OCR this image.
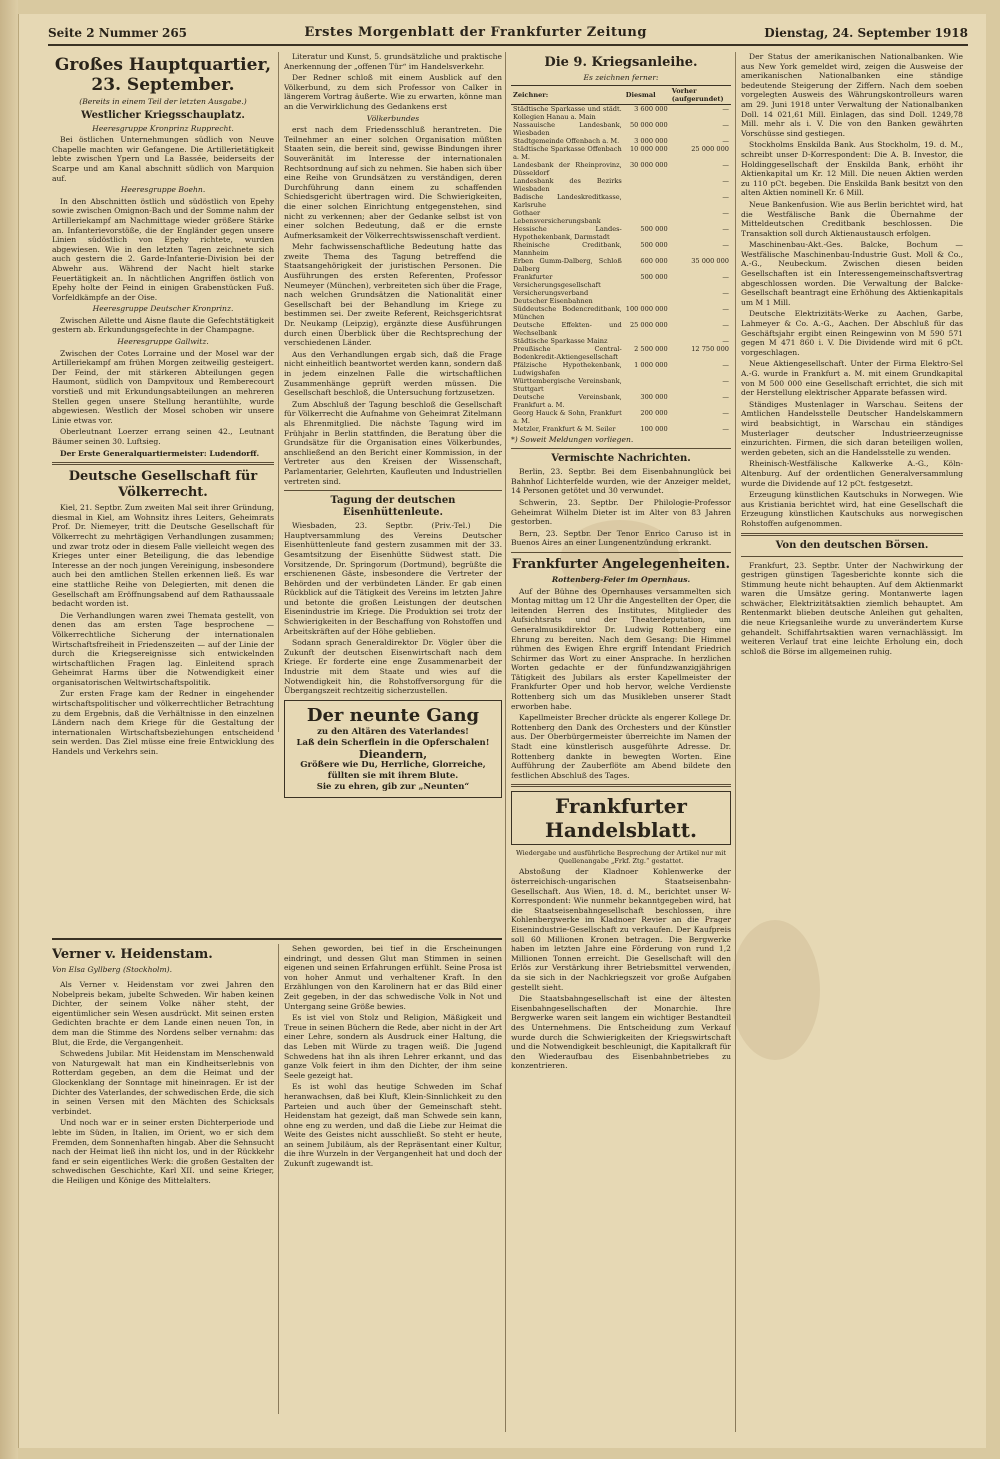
Seite 2 Nummer 265	Erstes Morgenblatt der Frankfurter Zeitung	Dienstag, 24. September 1918
Großes Hauptquartier, 23. September.
(Bereits in einem Teil der letzten Ausgabe.)
Westlicher Kriegsschauplatz.
Heeresgruppe Kronprinz Rupprecht.

Bei östlichen Unternehmungen südlich von Neuve Chapelle machten wir Gefangene. Die Artillerietätigkeit lebte zwischen Ypern und La Bassée, beiderseits der Scarpe und am Kanal abschnitt südlich von Marquion auf.

Heeresgruppe Boehn.

In den Abschnitten östlich und südöstlich von Epehy sowie zwischen Omignon-Bach und der Somme nahm der Artilleriekampf am Nachmittage wieder größere Stärke an. Infanterievorstöße, die der Engländer gegen unsere Linien südöstlich von Epehy richtete, wurden abgewiesen. Wie in den letzten Tagen zeichnete sich auch gestern die 2. Garde-Infanterie-Division bei der Abwehr aus. Während der Nacht hielt starke Feuertätigkeit an. In nächtlichen Angriffen östlich von Epehy holte der Feind in einigen Grabenstücken Fuß. Vorfeldkämpfe an der Oise.

Heeresgruppe Deutscher Kronprinz.

Zwischen Ailette und Aisne flaute die Gefechtstätigkeit gestern ab. Erkundungsgefechte in der Champagne.

Heeresgruppe Gallwitz.

Zwischen der Cotes Lorraine und der Mosel war der Artilleriekampf am frühen Morgen zeitweilig gesteigert. Der Feind, der mit stärkeren Abteilungen gegen Haumont, südlich von Dampvitoux und Remberecourt vorstieß und mit Erkundungsabteilungen an mehreren Stellen gegen unsere Stellung herantühlte, wurde abgewiesen. Westlich der Mosel schoben wir unsere Linie etwas vor.

Oberleutnant Loerzer errang seinen 42., Leutnant Bäumer seinen 30. Luftsieg.

Der Erste Generalquartiermeister: Ludendorff.

Deutsche Gesellschaft für Völkerrecht.

Kiel, 21. Septbr. Zum zweiten Mal seit ihrer Gründung, diesmal in Kiel, am Wohnsitz ihres Leiters, Geheimrats Prof. Dr. Niemeyer, tritt die Deutsche Gesellschaft für Völkerrecht zu mehrtägigen Verhandlungen zusammen; und zwar trotz oder in diesem Falle vielleicht wegen des Krieges unter einer Beteiligung, die das lebendige Interesse an der noch jungen Vereinigung, insbesondere auch bei den amtlichen Stellen erkennen ließ. Es war eine stattliche Reihe von Delegierten, mit denen die Gesellschaft am Eröffnungsabend auf dem Rathaussaale bedacht worden ist.

Die Verhandlungen waren zwei Themata gestellt, von denen das am ersten Tage besprochene — Völkerrechtliche Sicherung der internationalen Wirtschaftsfreiheit in Friedenszeiten — auf der Linie der durch die Kriegsereignisse sich entwickelnden wirtschaftlichen Fragen lag. Einleitend sprach Geheimrat Harms über die Notwendigkeit einer organisatorischen Weltwirtschaftspolitik.

Zur ersten Frage kam der Redner in eingehender wirtschaftspolitischer und völkerrechtlicher Betrachtung zu dem Ergebnis, daß die Verhältnisse in den einzelnen Ländern nach dem Kriege für die Gestaltung der internationalen Wirtschaftsbeziehungen entscheidend sein werden. Das Ziel müsse eine freie Entwicklung des Handels und Verkehrs sein.

Literatur und Kunst, 5. grundsätzliche und praktische Anerkennung der „offenen Tür“ im Handelsverkehr.

Der Redner schloß mit einem Ausblick auf den Völkerbund, zu dem sich Professor von Calker in längerem Vortrag äußerte. Wie zu erwarten, könne man an die Verwirklichung des Gedankens erst

Völkerbundes

erst nach dem Friedensschluß herantreten. Die Teilnehmer an einer solchen Organisation müßten Staaten sein, die bereit sind, gewisse Bindungen ihrer Souveränität im Interesse der internationalen Rechtsordnung auf sich zu nehmen. Sie haben sich über eine Reihe von Grundsätzen zu verständigen, deren Durchführung dann einem zu schaffenden Schiedsgericht übertragen wird. Die Schwierigkeiten, die einer solchen Einrichtung entgegenstehen, sind nicht zu verkennen; aber der Gedanke selbst ist von einer solchen Bedeutung, daß er die ernste Aufmerksamkeit der Völkerrechtswissenschaft verdient.

Mehr fachwissenschaftliche Bedeutung hatte das zweite Thema des Tagung betreffend die Staatsangehörigkeit der juristischen Personen. Die Ausführungen des ersten Referenten, Professor Neumeyer (München), verbreiteten sich über die Frage, nach welchen Grundsätzen die Nationalität einer Gesellschaft bei der Behandlung im Kriege zu bestimmen sei. Der zweite Referent, Reichsgerichtsrat Dr. Neukamp (Leipzig), ergänzte diese Ausführungen durch einen Überblick über die Rechtsprechung der verschiedenen Länder.

Aus den Verhandlungen ergab sich, daß die Frage nicht einheitlich beantwortet werden kann, sondern daß in jedem einzelnen Falle die wirtschaftlichen Zusammenhänge geprüft werden müssen. Die Gesellschaft beschloß, die Untersuchung fortzusetzen.

Zum Abschluß der Tagung beschloß die Gesellschaft für Völkerrecht die Aufnahme von Geheimrat Zitelmann als Ehrenmitglied. Die nächste Tagung wird im Frühjahr in Berlin stattfinden, die Beratung über die Grundsätze für die Organisation eines Völkerbundes, anschließend an den Bericht einer Kommission, in der Vertreter aus den Kreisen der Wissenschaft, Parlamentarier, Gelehrten, Kaufleuten und Industriellen vertreten sind.

Tagung der deutschen Eisenhüttenleute.

Wiesbaden, 23. Septbr. (Priv.-Tel.) Die Hauptversammlung des Vereins Deutscher Eisenhüttenleute fand gestern zusammen mit der 33. Gesamtsitzung der Eisenhütte Südwest statt. Die Vorsitzende, Dr. Springorum (Dortmund), begrüßte die erschienenen Gäste, insbesondere die Vertreter der Behörden und der verbündeten Länder. Er gab einen Rückblick auf die Tätigkeit des Vereins im letzten Jahre und betonte die großen Leistungen der deutschen Eisenindustrie im Kriege. Die Produktion sei trotz der Schwierigkeiten in der Beschaffung von Rohstoffen und Arbeitskräften auf der Höhe geblieben.

Sodann sprach Generaldirektor Dr. Vögler über die Zukunft der deutschen Eisenwirtschaft nach dem Kriege. Er forderte eine enge Zusammenarbeit der Industrie mit dem Staate und wies auf die Notwendigkeit hin, die Rohstoffversorgung für die Übergangszeit rechtzeitig sicherzustellen.

Der neunte Gang
zu den Altären des Vaterlandes!
Laß dein Scherflein in die Opferschalen!
Dieandern,
Größere wie Du, Herrliche, Glorreiche,
füllten sie mit ihrem Blute.
Sie zu ehren, gib zur „Neunten“
Verner v. Heidenstam.
Von Elsa Gyllberg (Stockholm).

Als Verner v. Heidenstam vor zwei Jahren den Nobelpreis bekam, jubelte Schweden. Wir haben keinen Dichter, der seinem Volke näher steht, der eigentümlicher sein Wesen ausdrückt. Mit seinen ersten Gedichten brachte er dem Lande einen neuen Ton, in dem man die Stimme des Nordens selber vernahm: das Blut, die Erde, die Vergangenheit.

Schwedens Jubilar. Mit Heidenstam im Menschenwald von Naturgewalt hat man ein Kindheitserlebnis von Rotterdam gegeben, an dem die Heimat und der Glockenklang der Sonntage mit hineinragen. Er ist der Dichter des Vaterlandes, der schwedischen Erde, die sich in seinen Versen mit den Mächten des Schicksals verbindet.

Und noch war er in seiner ersten Dichterperiode und lebte im Süden, in Italien, im Orient, wo er sich dem Fremden, dem Sonnenhaften hingab. Aber die Sehnsucht nach der Heimat ließ ihn nicht los, und in der Rückkehr fand er sein eigentliches Werk: die großen Gestalten der schwedischen Geschichte, Karl XII. und seine Krieger, die Heiligen und Könige des Mittelalters.

Sehen geworden, bei tief in die Erscheinungen eindringt, und dessen Glut man Stimmen in seinen eigenen und seinen Erfahrungen erfühlt. Seine Prosa ist von hoher Anmut und verhaltener Kraft. In den Erzählungen von den Karolinern hat er das Bild einer Zeit gegeben, in der das schwedische Volk in Not und Untergang seine Größe bewies.

Es ist viel von Stolz und Religion, Mäßigkeit und Treue in seinen Büchern die Rede, aber nicht in der Art einer Lehre, sondern als Ausdruck einer Haltung, die das Leben mit Würde zu tragen weiß. Die Jugend Schwedens hat ihn als ihren Lehrer erkannt, und das ganze Volk feiert in ihm den Dichter, der ihm seine Seele gezeigt hat.

Es ist wohl das heutige Schweden im Schaf heranwachsen, daß bei Kluft, Klein-Sinnlichkeit zu den Parteien und auch über der Gemeinschaft steht. Heidenstam hat gezeigt, daß man Schwede sein kann, ohne eng zu werden, und daß die Liebe zur Heimat die Weite des Geistes nicht ausschließt. So steht er heute, an seinem Jubiläum, als der Repräsentant einer Kultur, die ihre Wurzeln in der Vergangenheit hat und doch der Zukunft zugewandt ist.

Die 9. Kriegsanleihe.
Es zeichnen ferner:
Zeichner:	Diesmal	Vorher (aufgerundet)
Städtische Sparkasse und städt. Kollegien Hanau a. Main	3 600 000	—
Nassauische Landesbank, Wiesbaden	50 000 000	—
Stadtgemeinde Offenbach a. M.	3 000 000	—
Städtische Sparkasse Offenbach a. M.	10 000 000	25 000 000
Landesbank der Rheinprovinz, Düsseldorf	30 000 000	—
Landesbank des Bezirks Wiesbaden		—
Badische Landeskreditkasse, Karlsruhe		—
Gothaer Lebensversicherungsbank		—
Hessische Landes-Hypothekenbank, Darmstadt	500 000	—
Rheinische Creditbank, Mannheim	500 000	—
Erben Gumm-Dalberg, Schloß Dalberg	600 000	35 000 000
Frankfurter Versicherungsgesellschaft	500 000	—
Versicherungsverband Deutscher Eisenbahnen		—
Süddeutsche Bodencreditbank, München	100 000 000	—
Deutsche Effekten- und Wechselbank	25 000 000	—
Städtische Sparkasse Mainz		—
Preußische Central-Bodenkredit-Aktiengesellschaft	2 500 000	12 750 000
Pfälzische Hypothekenbank, Ludwigshafen	1 000 000	—
Württembergische Vereinsbank, Stuttgart		—
Deutsche Vereinsbank, Frankfurt a. M.	300 000	—
Georg Hauck & Sohn, Frankfurt a. M.	200 000	—
Metzler, Frankfurt & M. Seiler	100 000	—
*) Soweit Meldungen vorliegen.
Vermischte Nachrichten.

Berlin, 23. Septbr. Bei dem Eisenbahnunglück bei Bahnhof Lichterfelde wurden, wie der Anzeiger meldet, 14 Personen getötet und 30 verwundet.

Schwerin, 23. Septbr. Der Philologie-Professor Geheimrat Wilhelm Dieter ist im Alter von 83 Jahren gestorben.

Bern, 23. Septbr. Der Tenor Enrico Caruso ist in Buenos Aires an einer Lungenentzündung erkrankt.

Frankfurter Angelegenheiten.
Rottenberg-Feier im Opernhaus.

Auf der Bühne des Opernhauses versammelten sich Montag mittag um 12 Uhr die Angestellten der Oper, die leitenden Herren des Institutes, Mitglieder des Aufsichtsrats und der Theaterdeputation, um Generalmusikdirektor Dr. Ludwig Rottenberg eine Ehrung zu bereiten. Nach dem Gesang: Die Himmel rühmen des Ewigen Ehre ergriff Intendant Friedrich Schirmer das Wort zu einer Ansprache. In herzlichen Worten gedachte er der fünfundzwanzigjährigen Tätigkeit des Jubilars als erster Kapellmeister der Frankfurter Oper und hob hervor, welche Verdienste Rottenberg sich um das Musikleben unserer Stadt erworben habe.

Kapellmeister Brecher drückte als engerer Kollege Dr. Rottenberg den Dank des Orchesters und der Künstler aus. Der Oberbürgermeister überreichte im Namen der Stadt eine künstlerisch ausgeführte Adresse. Dr. Rottenberg dankte in bewegten Worten. Eine Aufführung der Zauberflöte am Abend bildete den festlichen Abschluß des Tages.

Frankfurter Handelsblatt.
Wiedergabe und ausführliche Besprechung der Artikel nur mit Quellenangabe „Frkf. Ztg.“ gestattet.

Abstoßung der Kladnoer Kohlenwerke der österreichisch-ungarischen Staatseisenbahn-Gesellschaft. Aus Wien, 18. d. M., berichtet unser W-Korrespondent: Wie nunmehr bekanntgegeben wird, hat die Staatseisenbahngesellschaft beschlossen, ihre Kohlenbergwerke im Kladnoer Revier an die Prager Eisenindustrie-Gesellschaft zu verkaufen. Der Kaufpreis soll 60 Millionen Kronen betragen. Die Bergwerke haben im letzten Jahre eine Förderung von rund 1,2 Millionen Tonnen erreicht. Die Gesellschaft will den Erlös zur Verstärkung ihrer Betriebsmittel verwenden, da sie sich in der Nachkriegszeit vor große Aufgaben gestellt sieht.

Die Staatsbahngesellschaft ist eine der ältesten Eisenbahngesellschaften der Monarchie. Ihre Bergwerke waren seit langem ein wichtiger Bestandteil des Unternehmens. Die Entscheidung zum Verkauf wurde durch die Schwierigkeiten der Kriegswirtschaft und die Notwendigkeit beschleunigt, die Kapitalkraft für den Wiederaufbau des Eisenbahnbetriebes zu konzentrieren.

Der Status der amerikanischen Nationalbanken. Wie aus New York gemeldet wird, zeigen die Ausweise der amerikanischen Nationalbanken eine ständige bedeutende Steigerung der Ziffern. Nach dem soeben vorgelegten Ausweis des Währungskontrolleurs waren am 29. Juni 1918 unter Verwaltung der Nationalbanken Doll. 14 021,61 Mill. Einlagen, das sind Doll. 1249,78 Mill. mehr als i. V. Die von den Banken gewährten Vorschüsse sind gestiegen.

Stockholms Enskilda Bank. Aus Stockholm, 19. d. M., schreibt unser D-Korrespondent: Die A. B. Investor, die Holdinggesellschaft der Enskilda Bank, erhöht ihr Aktienkapital um Kr. 12 Mill. Die neuen Aktien werden zu 110 pCt. begeben. Die Enskilda Bank besitzt von den alten Aktien nominell Kr. 6 Mill.

Neue Bankenfusion. Wie aus Berlin berichtet wird, hat die Westfälische Bank die Übernahme der Mitteldeutschen Creditbank beschlossen. Die Transaktion soll durch Aktienaustausch erfolgen.

Maschinenbau-Akt.-Ges. Balcke, Bochum — Westfälische Maschinenbau-Industrie Gust. Moll & Co., A.-G., Neubeckum. Zwischen diesen beiden Gesellschaften ist ein Interessengemeinschaftsvertrag abgeschlossen worden. Die Verwaltung der Balcke-Gesellschaft beantragt eine Erhöhung des Aktienkapitals um M 1 Mill.

Deutsche Elektrizitäts-Werke zu Aachen, Garbe, Lahmeyer & Co. A.-G., Aachen. Der Abschluß für das Geschäftsjahr ergibt einen Reingewinn von M 590 571 gegen M 471 860 i. V. Die Dividende wird mit 6 pCt. vorgeschlagen.

Neue Aktiengesellschaft. Unter der Firma Elektro-Sel A.-G. wurde in Frankfurt a. M. mit einem Grundkapital von M 500 000 eine Gesellschaft errichtet, die sich mit der Herstellung elektrischer Apparate befassen wird.

Ständiges Mustenlager in Warschau. Seitens der Amtlichen Handelsstelle Deutscher Handelskammern wird beabsichtigt, in Warschau ein ständiges Musterlager deutscher Industrieerzeugnisse einzurichten. Firmen, die sich daran beteiligen wollen, werden gebeten, sich an die Handelsstelle zu wenden.

Rheinisch-Westfälische Kalkwerke A.-G., Köln-Altenburg. Auf der ordentlichen Generalversammlung wurde die Dividende auf 12 pCt. festgesetzt.

Erzeugung künstlichen Kautschuks in Norwegen. Wie aus Kristiania berichtet wird, hat eine Gesellschaft die Erzeugung künstlichen Kautschuks aus norwegischen Rohstoffen aufgenommen.

Von den deutschen Börsen.

Frankfurt, 23. Septbr. Unter der Nachwirkung der gestrigen günstigen Tagesberichte konnte sich die Stimmung heute nicht behaupten. Auf dem Aktienmarkt waren die Umsätze gering. Montanwerte lagen schwächer, Elektrizitätsaktien ziemlich behauptet. Am Rentenmarkt blieben deutsche Anleihen gut gehalten, die neue Kriegsanleihe wurde zu unverändertem Kurse gehandelt. Schiffahrtsaktien waren vernachlässigt. Im weiteren Verlauf trat eine leichte Erholung ein, doch schloß die Börse im allgemeinen ruhig.
